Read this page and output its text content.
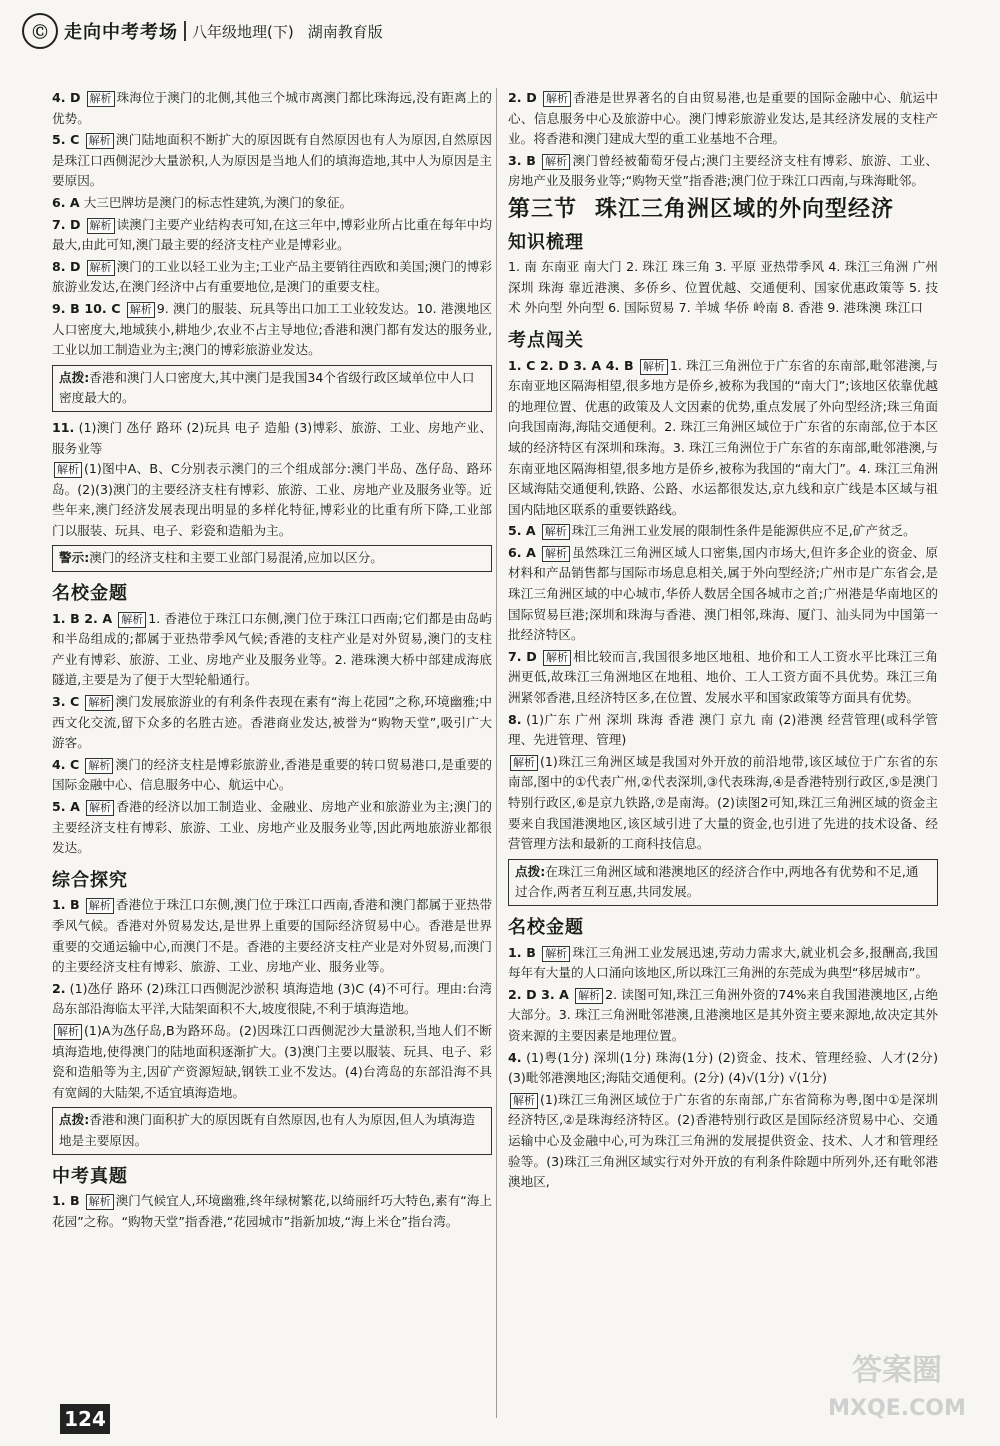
Ⓒ 走向中考考场 八年级地理(下) 湖南教育版
4. D 解析 珠海位于澳门的北侧,其他三个城市离澳门都比珠海远,没有距离上的优势。
5. C 解析 澳门陆地面积不断扩大的原因既有自然原因也有人为原因,自然原因是珠江口西侧泥沙大量淤积,人为原因是当地人们的填海造地,其中人为原因是主要原因。
6. A 大三巴牌坊是澳门的标志性建筑,为澳门的象征。
7. D 解析 读澳门主要产业结构表可知,在这三年中,博彩业所占比重在每年中均最大,由此可知,澳门最主要的经济支柱产业是博彩业。
8. D 解析 澳门的工业以轻工业为主;工业产品主要销往西欧和美国;澳门的博彩旅游业发达,在澳门经济中占有重要地位,是澳门的重要支柱。
9. B 10. C 解析 9. 澳门的服装、玩具等出口加工工业较发达。10. 港澳地区人口密度大,地域狭小,耕地少,农业不占主导地位;香港和澳门都有发达的服务业,工业以加工制造业为主;澳门的博彩旅游业发达。
点拨:香港和澳门人口密度大,其中澳门是我国34个省级行政区域单位中人口密度最大的。
11. (1)澳门 氹仔 路环 (2)玩具 电子 造船 (3)博彩、旅游、工业、房地产业、服务业等
解析 (1)图中A、B、C分别表示澳门的三个组成部分:澳门半岛、氹仔岛、路环岛。(2)(3)澳门的主要经济支柱有博彩、旅游、工业、房地产业及服务业等。近些年来,澳门经济发展表现出明显的多样化特征,博彩业的比重有所下降,工业部门以服装、玩具、电子、彩瓷和造船为主。
警示:澳门的经济支柱和主要工业部门易混淆,应加以区分。
名校金题
1. B 2. A 解析 1. 香港位于珠江口东侧,澳门位于珠江口西南;它们都是由岛屿和半岛组成的;都属于亚热带季风气候;香港的支柱产业是对外贸易,澳门的支柱产业有博彩、旅游、工业、房地产业及服务业等。2. 港珠澳大桥中部建成海底隧道,主要是为了便于大型轮船通行。
3. C 解析 澳门发展旅游业的有利条件表现在素有“海上花园”之称,环境幽雅;中西文化交流,留下众多的名胜古迹。香港商业发达,被誉为“购物天堂”,吸引广大游客。
4. C 解析 澳门的经济支柱是博彩旅游业,香港是重要的转口贸易港口,是重要的国际金融中心、信息服务中心、航运中心。
5. A 解析 香港的经济以加工制造业、金融业、房地产业和旅游业为主;澳门的主要经济支柱有博彩、旅游、工业、房地产业及服务业等,因此两地旅游业都很发达。
综合探究
1. B 解析 香港位于珠江口东侧,澳门位于珠江口西南,香港和澳门都属于亚热带季风气候。香港对外贸易发达,是世界上重要的国际经济贸易中心。香港是世界重要的交通运输中心,而澳门不是。香港的主要经济支柱产业是对外贸易,而澳门的主要经济支柱有博彩、旅游、工业、房地产业、服务业等。
2. (1)氹仔 路环 (2)珠江口西侧泥沙淤积 填海造地 (3)C (4)不可行。理由:台湾岛东部沿海临太平洋,大陆架面积不大,坡度很陡,不利于填海造地。
解析 (1)A为氹仔岛,B为路环岛。(2)因珠江口西侧泥沙大量淤积,当地人们不断填海造地,使得澳门的陆地面积逐渐扩大。(3)澳门主要以服装、玩具、电子、彩瓷和造船等为主,因矿产资源短缺,钢铁工业不发达。(4)台湾岛的东部沿海不具有宽阔的大陆架,不适宜填海造地。
点拨:香港和澳门面积扩大的原因既有自然原因,也有人为原因,但人为填海造地是主要原因。
中考真题
1. B 解析 澳门气候宜人,环境幽雅,终年绿树繁花,以绮丽纤巧大特色,素有“海上花园”之称。“购物天堂”指香港,“花园城市”指新加坡,“海上米仓”指台湾。
2. D 解析 香港是世界著名的自由贸易港,也是重要的国际金融中心、航运中心、信息服务中心及旅游中心。澳门博彩旅游业发达,是其经济发展的支柱产业。将香港和澳门建成大型的重工业基地不合理。
3. B 解析 澳门曾经被葡萄牙侵占;澳门主要经济支柱有博彩、旅游、工业、房地产业及服务业等;“购物天堂”指香港;澳门位于珠江口西南,与珠海毗邻。
第三节 珠江三角洲区域的外向型经济
知识梳理
1. 南 东南亚 南大门 2. 珠江 珠三角 3. 平原 亚热带季风 4. 珠江三角洲 广州 深圳 珠海 靠近港澳、多侨乡、位置优越、交通便利、国家优惠政策等 5. 技术 外向型 外向型 6. 国际贸易 7. 羊城 华侨 岭南 8. 香港 9. 港珠澳 珠江口
考点闯关
1. C 2. D 3. A 4. B 解析 1. 珠江三角洲位于广东省的东南部,毗邻港澳,与东南亚地区隔海相望,很多地方是侨乡,被称为我国的“南大门”;该地区依靠优越的地理位置、优惠的政策及人文因素的优势,重点发展了外向型经济;珠三角面向我国南海,海陆交通便利。2. 珠江三角洲区域位于广东省的东南部,位于本区域的经济特区有深圳和珠海。3. 珠江三角洲位于广东省的东南部,毗邻港澳,与东南亚地区隔海相望,很多地方是侨乡,被称为我国的“南大门”。4. 珠江三角洲区域海陆交通便利,铁路、公路、水运都很发达,京九线和京广线是本区域与祖国内陆地区联系的重要铁路线。
5. A 解析 珠江三角洲工业发展的限制性条件是能源供应不足,矿产贫乏。
6. A 解析 虽然珠江三角洲区域人口密集,国内市场大,但许多企业的资金、原材料和产品销售都与国际市场息息相关,属于外向型经济;广州市是广东省会,是珠江三角洲区域的中心城市,华侨人数居全国各城市之首;广州港是华南地区的国际贸易巨港;深圳和珠海与香港、澳门相邻,珠海、厦门、汕头同为中国第一批经济特区。
7. D 解析 相比较而言,我国很多地区地租、地价和工人工资水平比珠江三角洲更低,故珠江三角洲地区在地租、地价、工人工资方面不具优势。珠江三角洲紧邻香港,且经济特区多,在位置、发展水平和国家政策等方面具有优势。
8. (1)广东 广州 深圳 珠海 香港 澳门 京九 南 (2)港澳 经营管理(或科学管理、先进管理、管理)
解析 (1)珠江三角洲区域是我国对外开放的前沿地带,该区域位于广东省的东南部,图中的①代表广州,②代表深圳,③代表珠海,④是香港特别行政区,⑤是澳门特别行政区,⑥是京九铁路,⑦是南海。(2)读图2可知,珠江三角洲区域的资金主要来自我国港澳地区,该区域引进了大量的资金,也引进了先进的技术设备、经营管理方法和最新的工商科技信息。
点拨:在珠江三角洲区域和港澳地区的经济合作中,两地各有优势和不足,通过合作,两者互利互惠,共同发展。
名校金题
1. B 解析 珠江三角洲工业发展迅速,劳动力需求大,就业机会多,报酬高,我国每年有大量的人口涌向该地区,所以珠江三角洲的东莞成为典型“移居城市”。
2. D 3. A 解析 2. 读图可知,珠江三角洲外资的74%来自我国港澳地区,占绝大部分。3. 珠江三角洲毗邻港澳,且港澳地区是其外资主要来源地,故决定其外资来源的主要因素是地理位置。
4. (1)粤(1分) 深圳(1分) 珠海(1分) (2)资金、技术、管理经验、人才(2分) (3)毗邻港澳地区;海陆交通便利。(2分) (4)√(1分) √(1分)
解析 (1)珠江三角洲区域位于广东省的东南部,广东省简称为粤,图中①是深圳经济特区,②是珠海经济特区。(2)香港特别行政区是国际经济贸易中心、交通运输中心及金融中心,可为珠江三角洲的发展提供资金、技术、人才和管理经验等。(3)珠江三角洲区域实行对外开放的有利条件除题中所列外,还有毗邻港澳地区,
124
答案圈
MXQE.COM
